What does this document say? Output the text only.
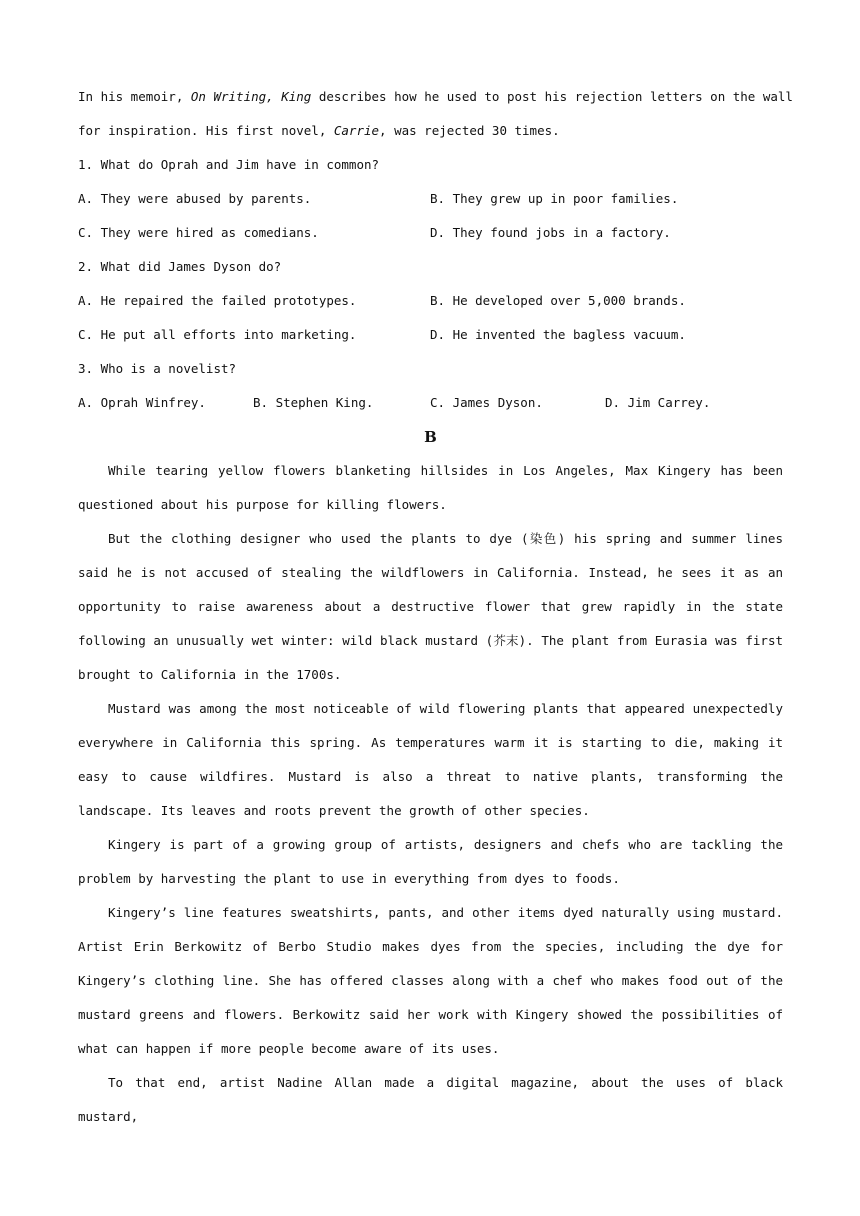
In his memoir, On Writing, King describes how he used to post his rejection letters on the wall
for inspiration. His first novel, Carrie, was rejected 30 times.
1. What do Oprah and Jim have in common?
A. They were abused by parents.	B. They grew up in poor families.
C. They were hired as comedians.	D. They found jobs in a factory.
2. What did James Dyson do?
A. He repaired the failed prototypes.	B. He developed over 5,000 brands.
C. He put all efforts into marketing.	D. He invented the bagless vacuum.
3. Who is a novelist?
A. Oprah Winfrey.	B. Stephen King.	C. James Dyson.	D. Jim Carrey.
B

While tearing yellow flowers blanketing hillsides in Los Angeles, Max Kingery has been questioned about his purpose for killing flowers.

But the clothing designer who used the plants to dye (染色) his spring and summer lines said he is not accused of stealing the wildflowers in California. Instead, he sees it as an opportunity to raise awareness about a destructive flower that grew rapidly in the state following an unusually wet winter: wild black mustard (芥末). The plant from Eurasia was first brought to California in the 1700s.

Mustard was among the most noticeable of wild flowering plants that appeared unexpectedly everywhere in California this spring. As temperatures warm it is starting to die, making it easy to cause wildfires. Mustard is also a threat to native plants, transforming the landscape. Its leaves and roots prevent the growth of other species.

Kingery is part of a growing group of artists, designers and chefs who are tackling the problem by harvesting the plant to use in everything from dyes to foods.

Kingery’s line features sweatshirts, pants, and other items dyed naturally using mustard. Artist Erin Berkowitz of Berbo Studio makes dyes from the species, including the dye for Kingery’s clothing line. She has offered classes along with a chef who makes food out of the mustard greens and flowers. Berkowitz said her work with Kingery showed the possibilities of what can happen if more people become aware of its uses.

To that end, artist Nadine Allan made a digital magazine, about the uses of black mustard,
